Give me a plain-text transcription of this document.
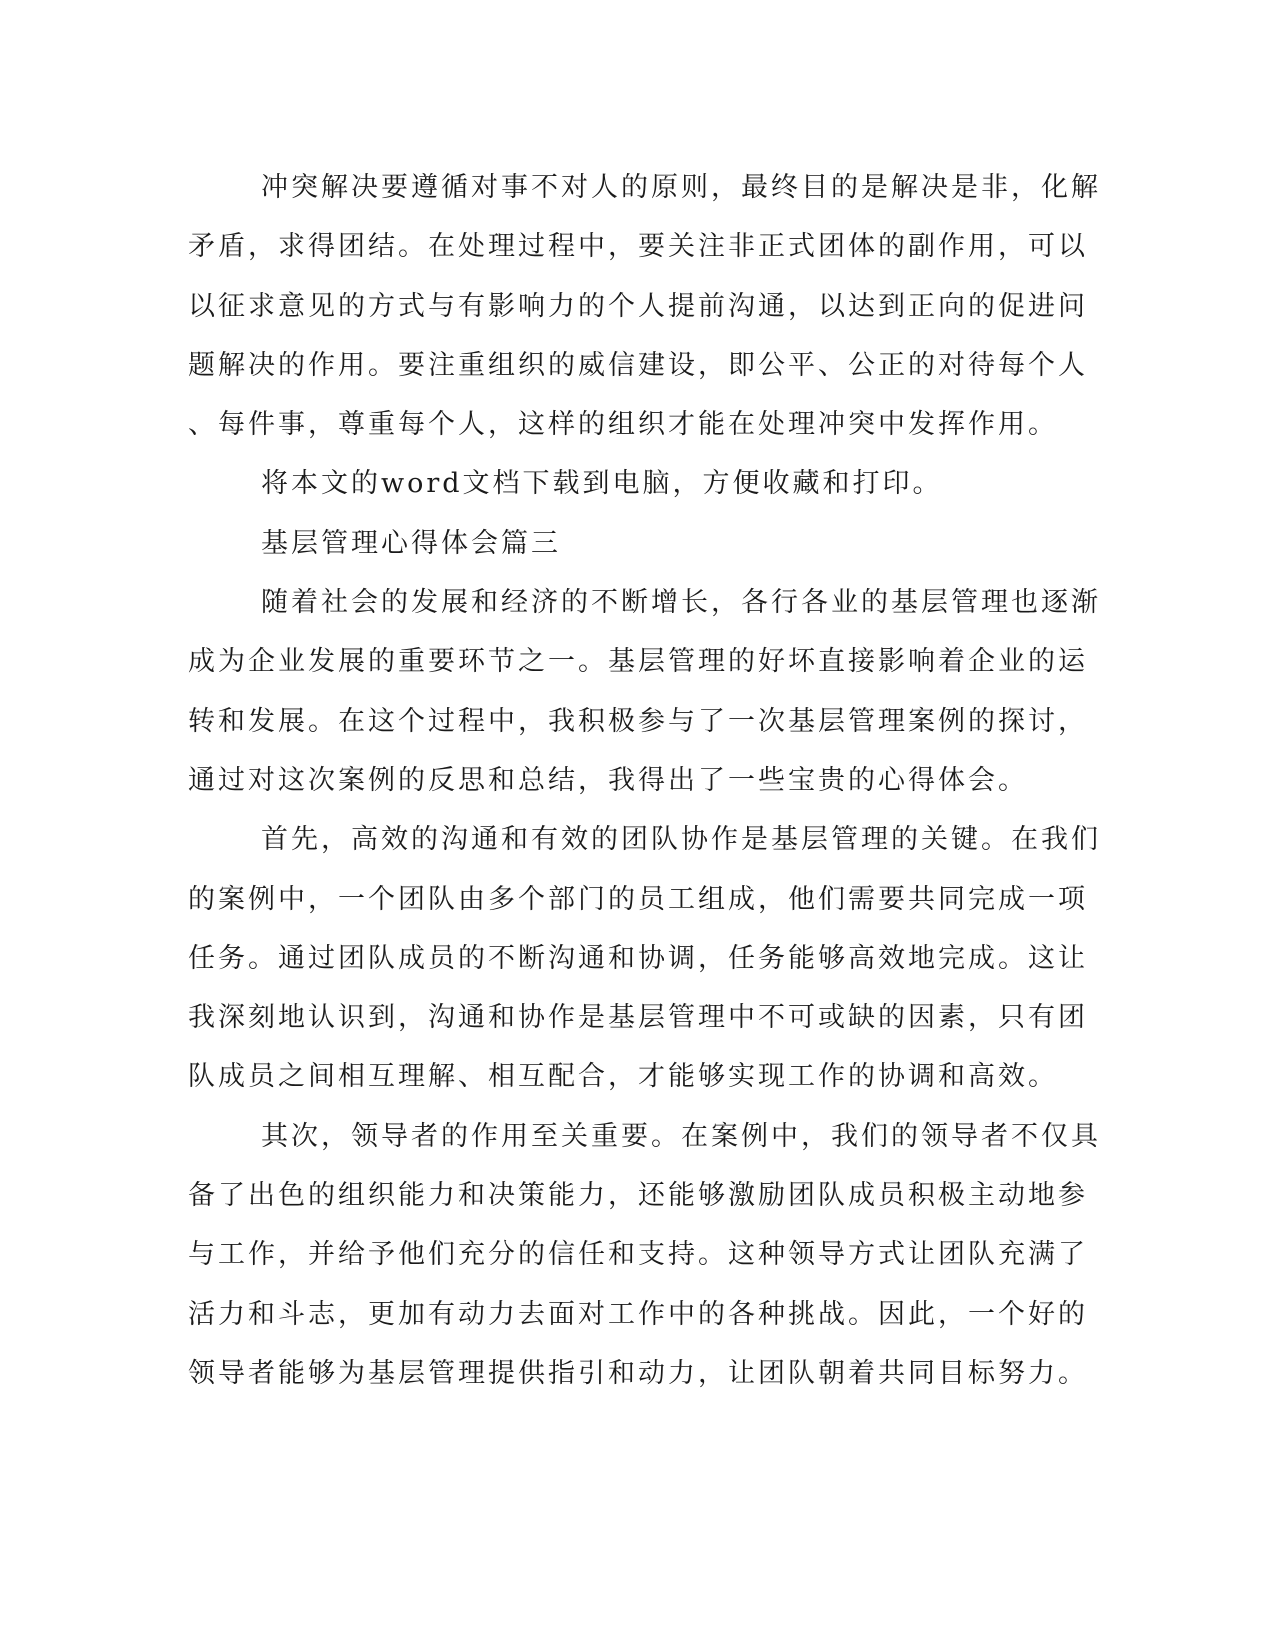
冲突解决要遵循对事不对人的原则，最终目的是解决是非，化解

矛盾，求得团结。在处理过程中，要关注非正式团体的副作用，可以

以征求意见的方式与有影响力的个人提前沟通，以达到正向的促进问

题解决的作用。要注重组织的威信建设，即公平、公正的对待每个人

、每件事，尊重每个人，这样的组织才能在处理冲突中发挥作用。

将本文的word文档下载到电脑，方便收藏和打印。

基层管理心得体会篇三

随着社会的发展和经济的不断增长，各行各业的基层管理也逐渐

成为企业发展的重要环节之一。基层管理的好坏直接影响着企业的运

转和发展。在这个过程中，我积极参与了一次基层管理案例的探讨，

通过对这次案例的反思和总结，我得出了一些宝贵的心得体会。

首先，高效的沟通和有效的团队协作是基层管理的关键。在我们

的案例中，一个团队由多个部门的员工组成，他们需要共同完成一项

任务。通过团队成员的不断沟通和协调，任务能够高效地完成。这让

我深刻地认识到，沟通和协作是基层管理中不可或缺的因素，只有团

队成员之间相互理解、相互配合，才能够实现工作的协调和高效。

其次，领导者的作用至关重要。在案例中，我们的领导者不仅具

备了出色的组织能力和决策能力，还能够激励团队成员积极主动地参

与工作，并给予他们充分的信任和支持。这种领导方式让团队充满了

活力和斗志，更加有动力去面对工作中的各种挑战。因此，一个好的

领导者能够为基层管理提供指引和动力，让团队朝着共同目标努力。
